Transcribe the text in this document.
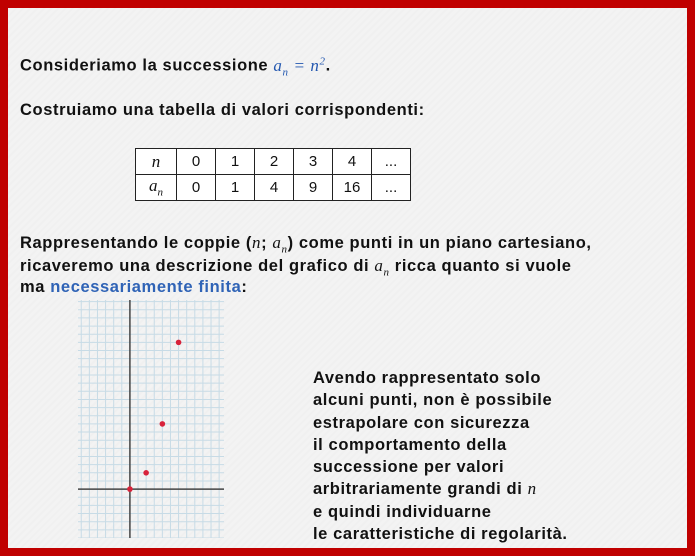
Consideriamo la successione $a_n = n^2$.
Costruiamo una tabella di valori corrispondenti:
n	0	1	2	3	4	...
$a_n$	0	1	4	9	16	...
Rappresentando le coppie (n; $a_n$) come punti in un piano cartesiano,
ricaveremo una descrizione del grafico di $a_n$ ricca quanto si vuole
ma necessariamente finita:
Avendo rappresentato solo
alcuni punti, non è possibile
estrapolare con sicurezza
il comportamento della
successione per valori
arbitrariamente grandi di n
e quindi individuarne
le caratteristiche di regolarità.
